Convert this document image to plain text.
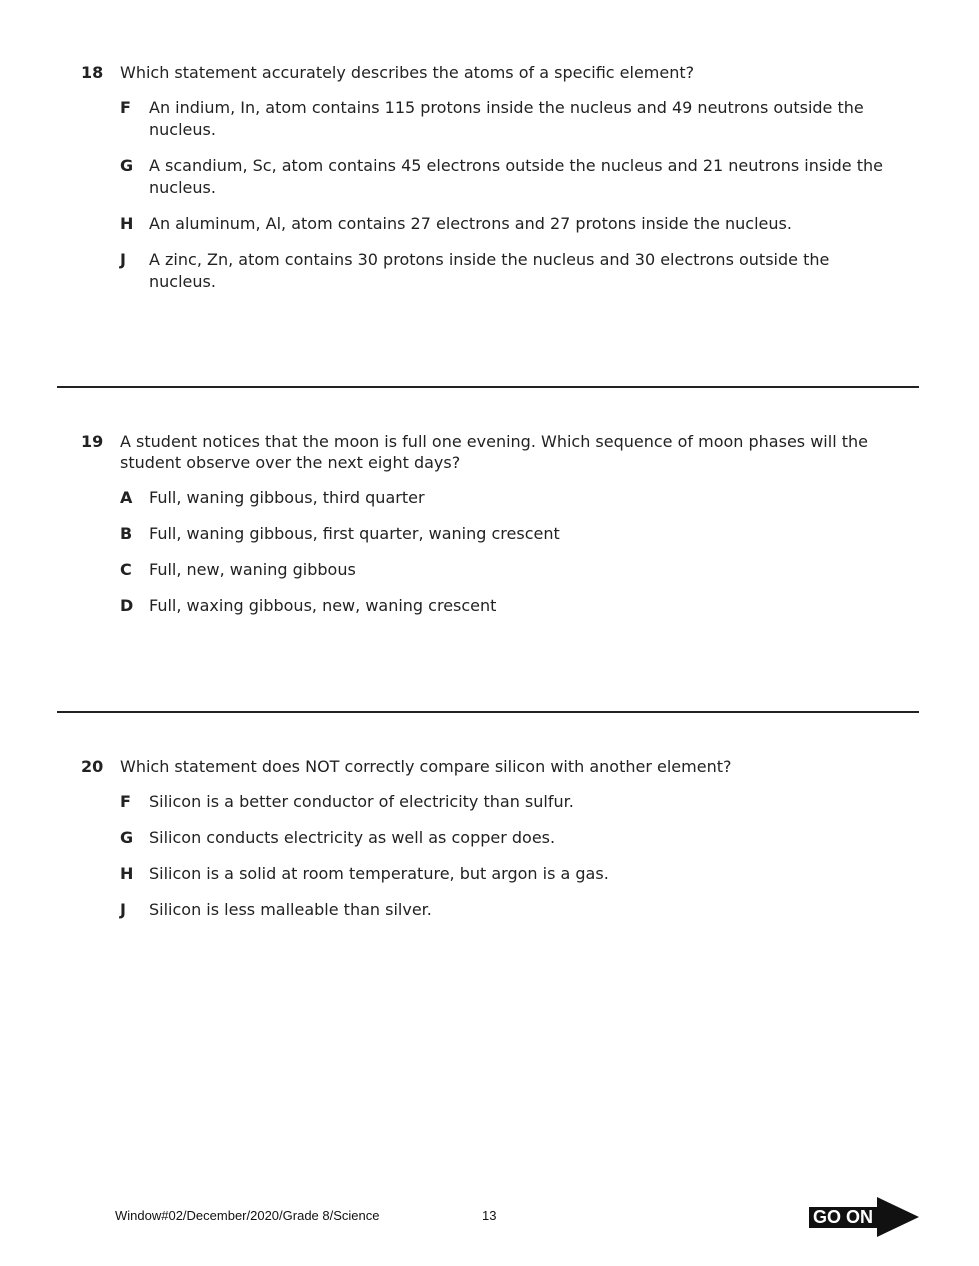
18	Which statement accurately describes the atoms of a specific element?
F	An indium, In, atom contains 115 protons inside the nucleus and 49 neutrons outside the nucleus.
G A scandium, Sc, atom contains 45 electrons outside the nucleus and 21 neutrons inside the nucleus.
H An aluminum, Al, atom contains 27 electrons and 27 protons inside the nucleus.
J	A zinc, Zn, atom contains 30 protons inside the nucleus and 30 electrons outside the nucleus.
19	A student notices that the moon is full one evening. Which sequence of moon phases will the student observe over the next eight days?
A	Full, waning gibbous, third quarter
B	Full, waning gibbous, first quarter, waning crescent
C	Full, new, waning gibbous
D Full, waxing gibbous, new, waning crescent
20	Which statement does NOT correctly compare silicon with another element?
F	Silicon is a better conductor of electricity than sulfur.
G Silicon conducts electricity as well as copper does.
H Silicon is a solid at room temperature, but argon is a gas.
J	Silicon is less malleable than silver.
Window#02/December/2020/Grade 8/Science	13	GO ON
